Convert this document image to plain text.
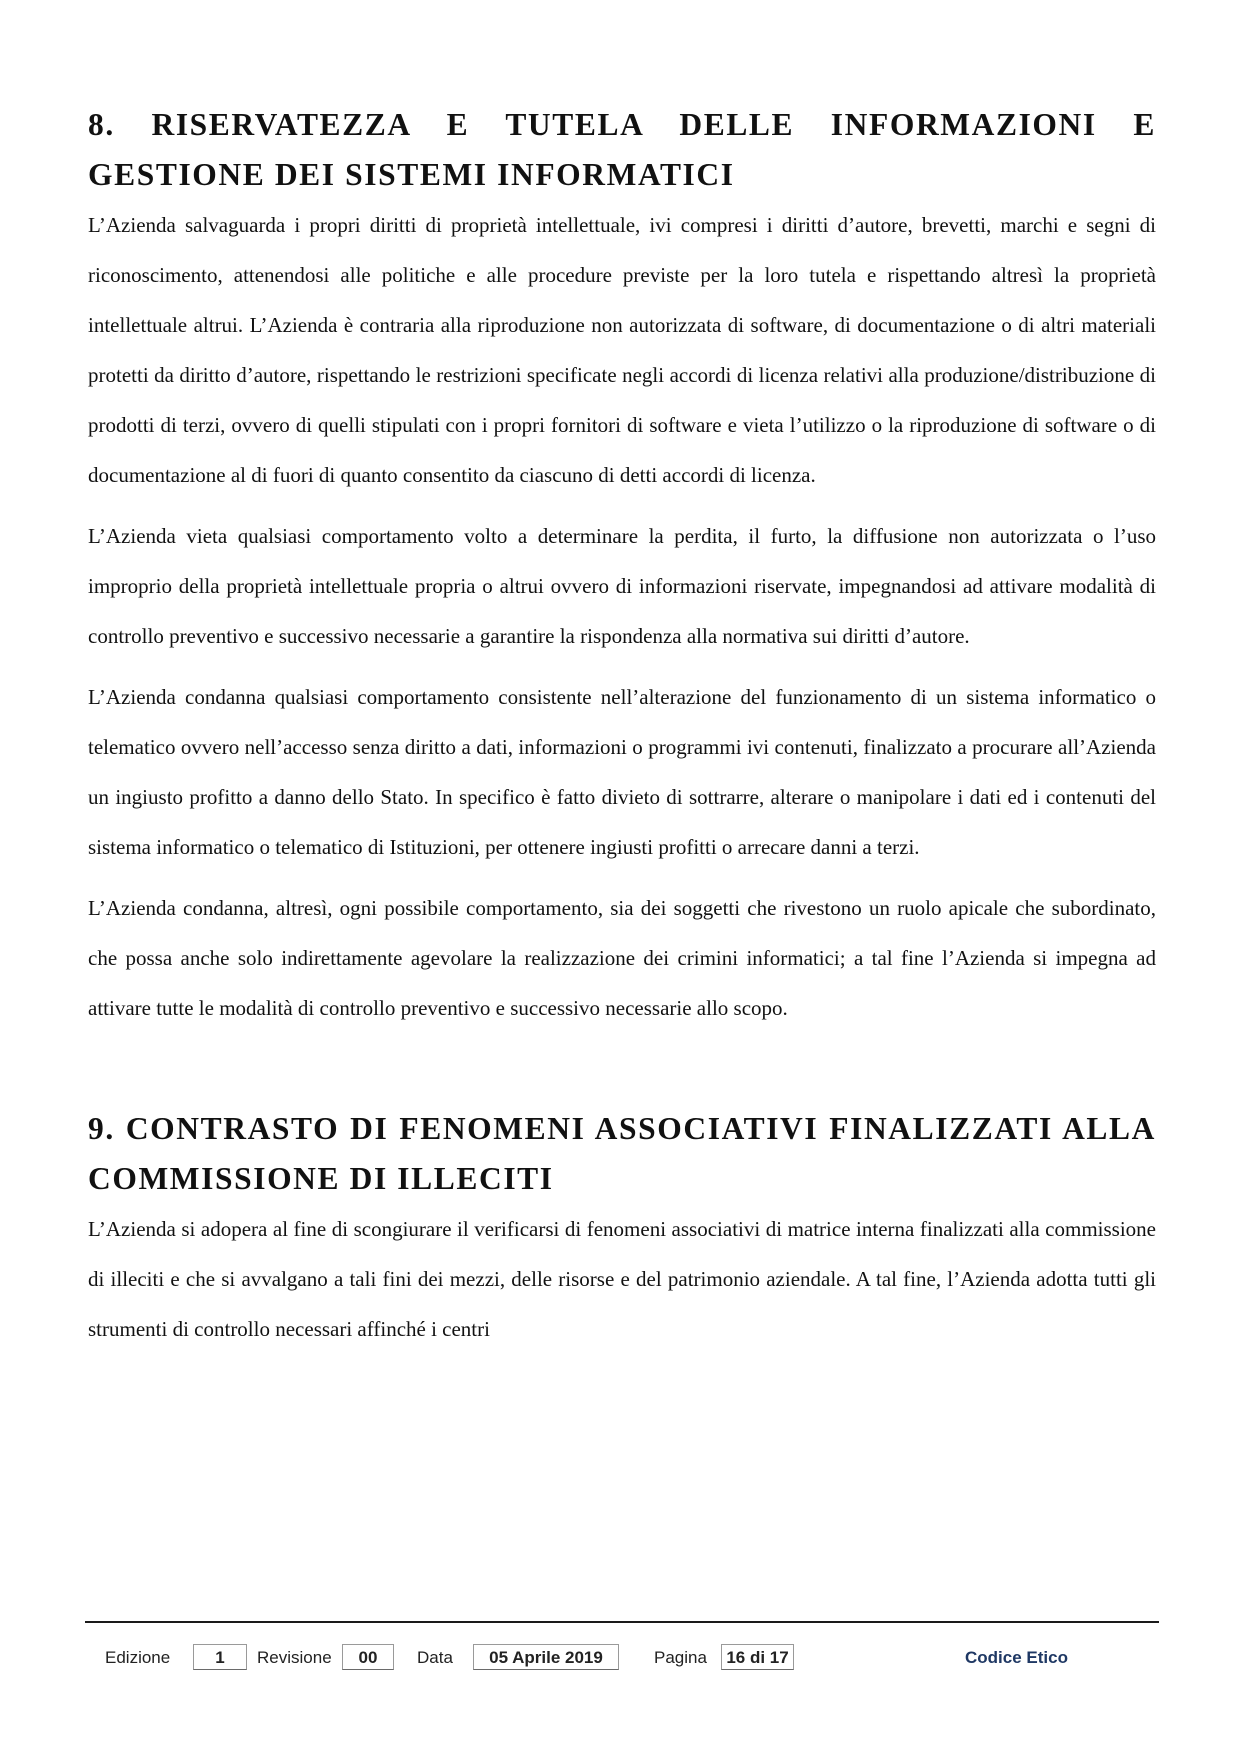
8. RISERVATEZZA E TUTELA DELLE INFORMAZIONI E GESTIONE DEI SISTEMI INFORMATICI

L’Azienda salvaguarda i propri diritti di proprietà intellettuale, ivi compresi i diritti d’autore, brevetti, marchi e segni di riconoscimento, attenendosi alle politiche e alle procedure previste per la loro tutela e rispettando altresì la proprietà intellettuale altrui. L’Azienda è contraria alla riproduzione non autorizzata di software, di documentazione o di altri materiali protetti da diritto d’autore, rispettando le restrizioni specificate negli accordi di licenza relativi alla produzione/distribuzione di prodotti di terzi, ovvero di quelli stipulati con i propri fornitori di software e vieta l’utilizzo o la riproduzione di software o di documentazione al di fuori di quanto consentito da ciascuno di detti accordi di licenza.

L’Azienda vieta qualsiasi comportamento volto a determinare la perdita, il furto, la diffusione non autorizzata o l’uso improprio della proprietà intellettuale propria o altrui ovvero di informazioni riservate, impegnandosi ad attivare modalità di controllo preventivo e successivo necessarie a garantire la rispondenza alla normativa sui diritti d’autore.

L’Azienda condanna qualsiasi comportamento consistente nell’alterazione del funzionamento di un sistema informatico o telematico ovvero nell’accesso senza diritto a dati, informazioni o programmi ivi contenuti, finalizzato a procurare all’Azienda un ingiusto profitto a danno dello Stato. In specifico è fatto divieto di sottrarre, alterare o manipolare i dati ed i contenuti del sistema informatico o telematico di Istituzioni, per ottenere ingiusti profitti o arrecare danni a terzi.

L’Azienda condanna, altresì, ogni possibile comportamento, sia dei soggetti che rivestono un ruolo apicale che subordinato, che possa anche solo indirettamente agevolare la realizzazione dei crimini informatici; a tal fine l’Azienda si impegna ad attivare tutte le modalità di controllo preventivo e successivo necessarie allo scopo.

9. CONTRASTO DI FENOMENI ASSOCIATIVI FINALIZZATI ALLA COMMISSIONE DI ILLECITI

L’Azienda si adopera al fine di scongiurare il verificarsi di fenomeni associativi di matrice interna finalizzati alla commissione di illeciti e che si avvalgano a tali fini dei mezzi, delle risorse e del patrimonio aziendale. A tal fine, l’Azienda adotta tutti gli strumenti di controllo necessari affinché i centri

Edizione	1	Revisione	00	Data	05 Aprile 2019	Pagina	16 di 17	Codice Etico
